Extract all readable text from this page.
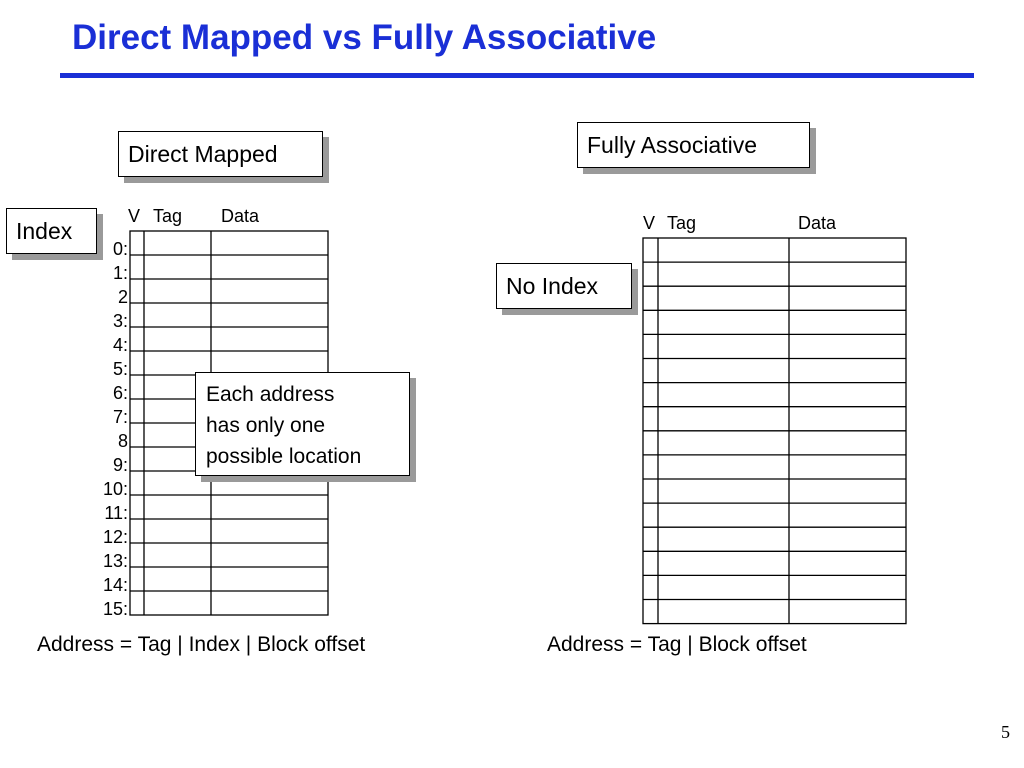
Direct Mapped vs Fully Associative
Direct Mapped
Index
V Tag Data
0:
1:
2
3:
4:
5:
6:
7:
8
9:
10:
11:
12:
13:
14:
15:
Each address
has only one
possible location
Address = Tag | Index | Block offset
Fully Associative
No Index
V Tag	Data
Address = Tag | Block offset
5
